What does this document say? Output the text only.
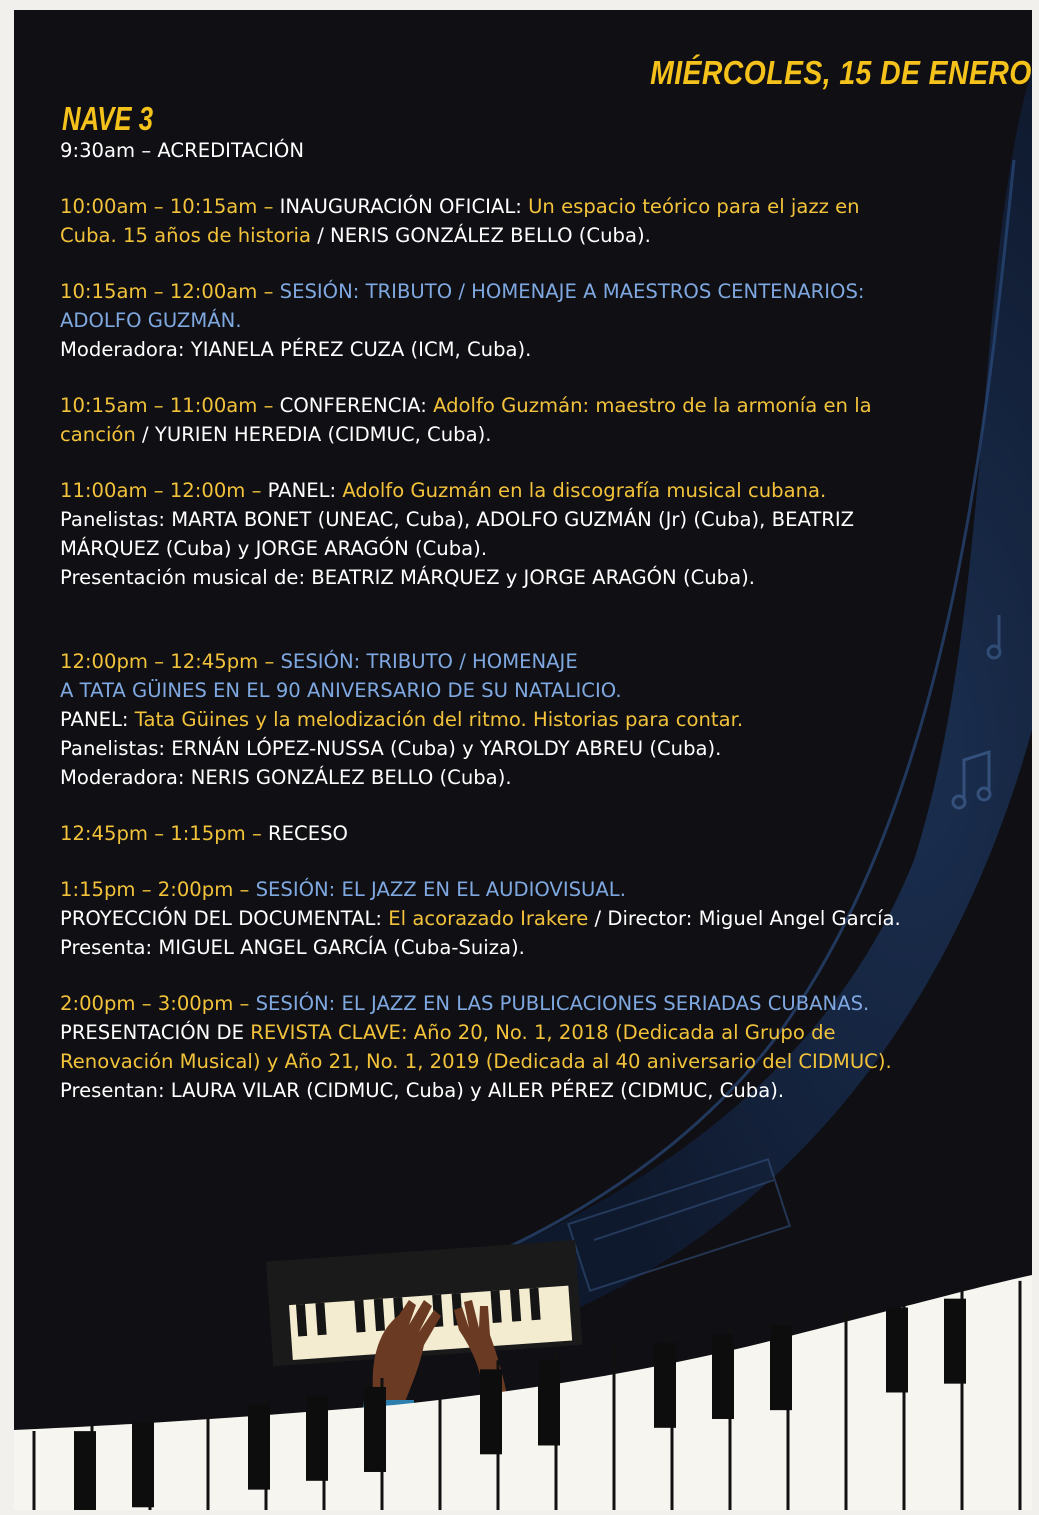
MIÉRCOLES, 15 DE ENERO
NAVE 3
9:30am – ACREDITACIÓN
10:00am – 10:15am – INAUGURACIÓN OFICIAL: Un espacio teórico para el jazz en
Cuba. 15 años de historia / NERIS GONZÁLEZ BELLO (Cuba).
10:15am – 12:00am – SESIÓN: TRIBUTO / HOMENAJE A MAESTROS CENTENARIOS:
ADOLFO GUZMÁN.
Moderadora: YIANELA PÉREZ CUZA (ICM, Cuba).
10:15am – 11:00am – CONFERENCIA: Adolfo Guzmán: maestro de la armonía en la
canción / YURIEN HEREDIA (CIDMUC, Cuba).
11:00am – 12:00m – PANEL: Adolfo Guzmán en la discografía musical cubana.
Panelistas: MARTA BONET (UNEAC, Cuba), ADOLFO GUZMÁN (Jr) (Cuba), BEATRIZ
MÁRQUEZ (Cuba) y JORGE ARAGÓN (Cuba).
Presentación musical de: BEATRIZ MÁRQUEZ y JORGE ARAGÓN (Cuba).
12:00pm – 12:45pm – SESIÓN: TRIBUTO / HOMENAJE
A TATA GÜINES EN EL 90 ANIVERSARIO DE SU NATALICIO.
PANEL: Tata Güines y la melodización del ritmo. Historias para contar.
Panelistas: ERNÁN LÓPEZ-NUSSA (Cuba) y YAROLDY ABREU (Cuba).
Moderadora: NERIS GONZÁLEZ BELLO (Cuba).
12:45pm – 1:15pm – RECESO
1:15pm – 2:00pm – SESIÓN: EL JAZZ EN EL AUDIOVISUAL.
PROYECCIÓN DEL DOCUMENTAL: El acorazado Irakere / Director: Miguel Angel García.
Presenta: MIGUEL ANGEL GARCÍA (Cuba-Suiza).
2:00pm – 3:00pm – SESIÓN: EL JAZZ EN LAS PUBLICACIONES SERIADAS CUBANAS.
PRESENTACIÓN DE REVISTA CLAVE: Año 20, No. 1, 2018 (Dedicada al Grupo de
Renovación Musical) y Año 21, No. 1, 2019 (Dedicada al 40 aniversario del CIDMUC).
Presentan: LAURA VILAR (CIDMUC, Cuba) y AILER PÉREZ (CIDMUC, Cuba).
